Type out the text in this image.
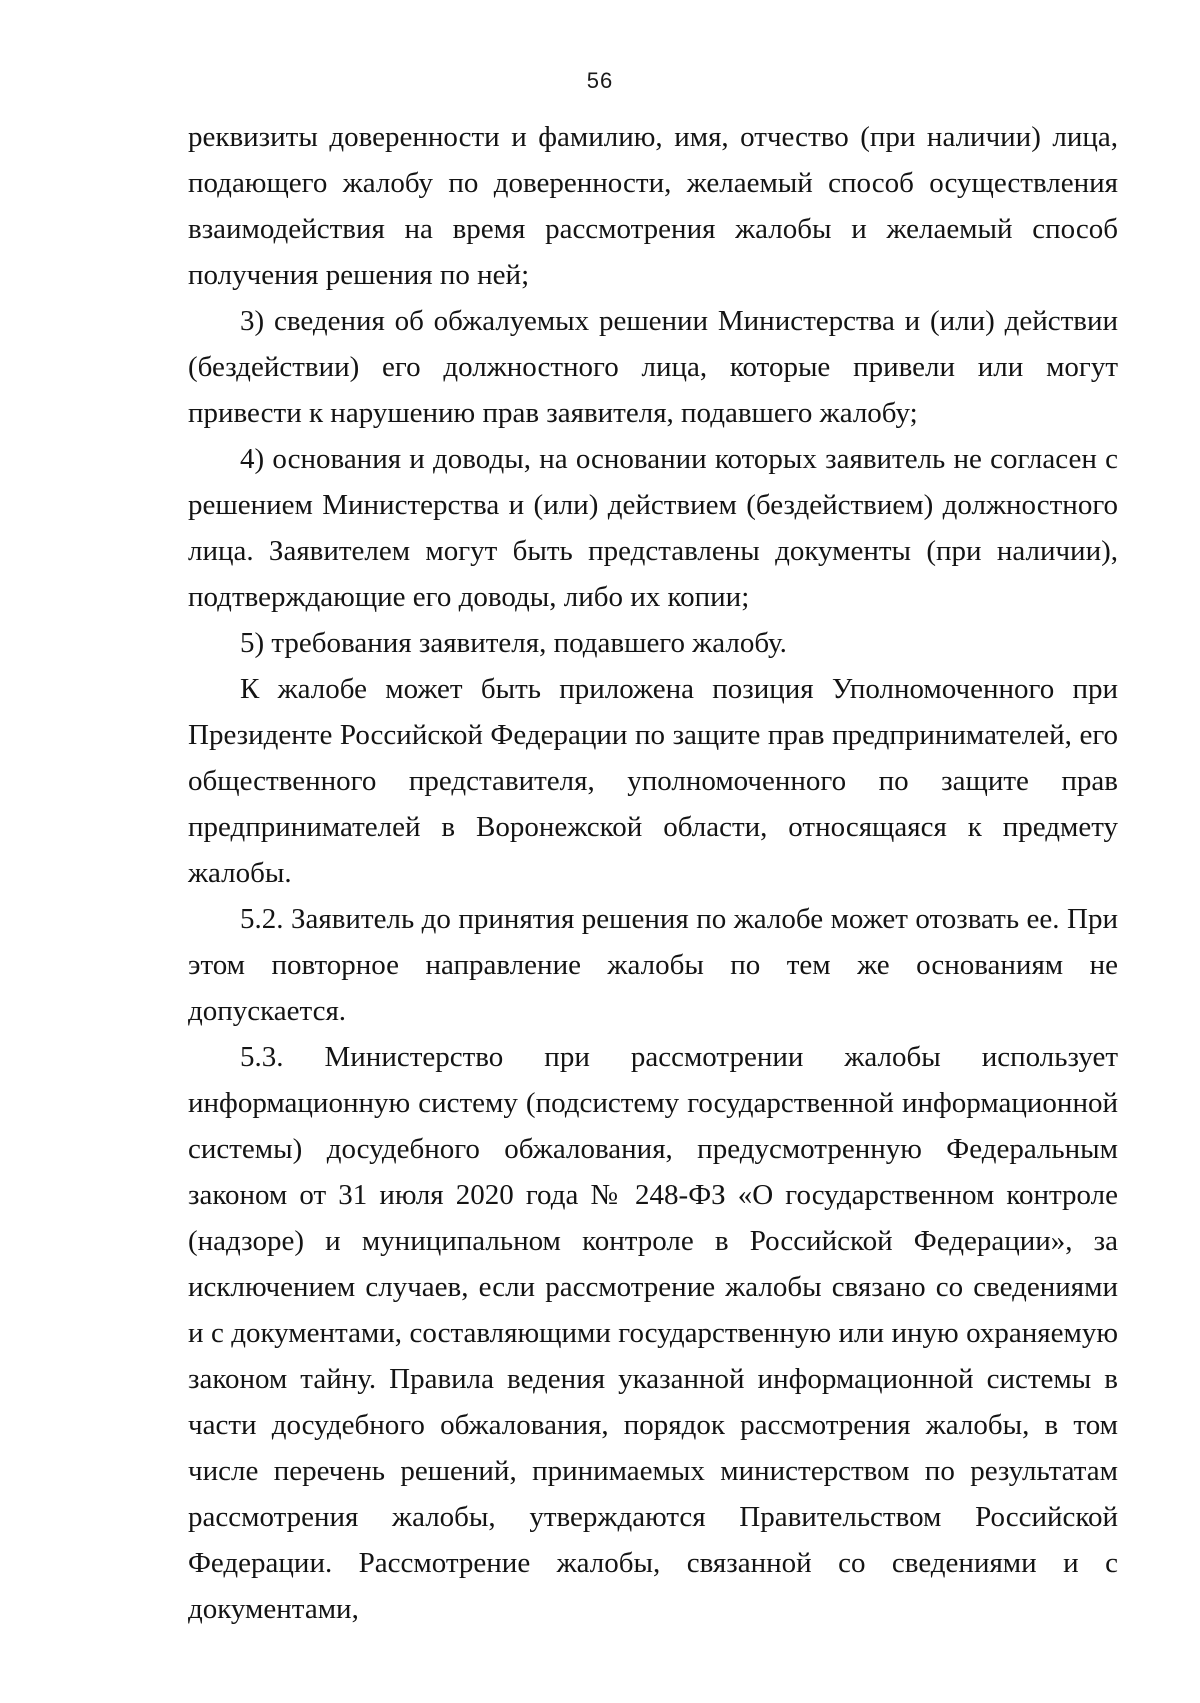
56

реквизиты доверенности и фамилию, имя, отчество (при наличии) лица, подающего жалобу по доверенности, желаемый способ осуществления взаимодействия на время рассмотрения жалобы и желаемый способ получения решения по ней;

3) сведения об обжалуемых решении Министерства и (или) действии (бездействии) его должностного лица, которые привели или могут привести к нарушению прав заявителя, подавшего жалобу;

4) основания и доводы, на основании которых заявитель не согласен с решением Министерства и (или) действием (бездействием) должностного лица. Заявителем могут быть представлены документы (при наличии), подтверждающие его доводы, либо их копии;

5) требования заявителя, подавшего жалобу.

К жалобе может быть приложена позиция Уполномоченного при Президенте Российской Федерации по защите прав предпринимателей, его общественного представителя, уполномоченного по защите прав предпринимателей в Воронежской области, относящаяся к предмету жалобы.

5.2. Заявитель до принятия решения по жалобе может отозвать ее. При этом повторное направление жалобы по тем же основаниям не допускается.

5.3. Министерство при рассмотрении жалобы использует информационную систему (подсистему государственной информационной системы) досудебного обжалования, предусмотренную Федеральным законом от 31 июля 2020 года № 248-ФЗ «О государственном контроле (надзоре) и муниципальном контроле в Российской Федерации», за исключением случаев, если рассмотрение жалобы связано со сведениями и с документами, составляющими государственную или иную охраняемую законом тайну. Правила ведения указанной информационной системы в части досудебного обжалования, порядок рассмотрения жалобы, в том числе перечень решений, принимаемых министерством по результатам рассмотрения жалобы, утверждаются Правительством Российской Федерации. Рассмотрение жалобы, связанной со сведениями и с документами,
